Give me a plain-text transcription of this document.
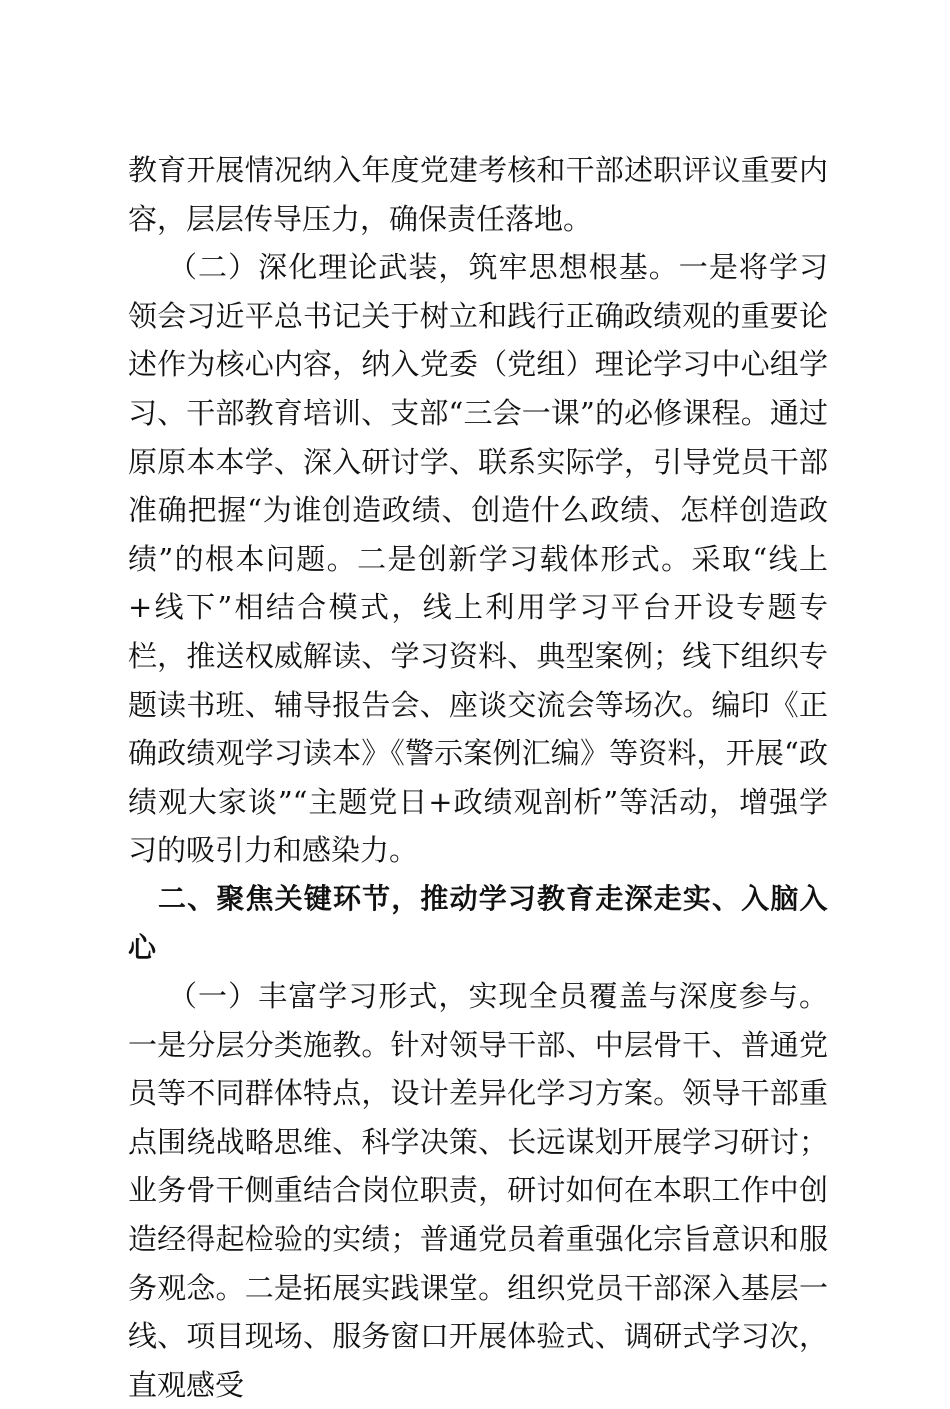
教育开展情况纳入年度党建考核和干部述职评议重要内容，层层传导压力，确保责任落地。

（二）深化理论武装，筑牢思想根基。一是将学习领会习近平总书记关于树立和践行正确政绩观的重要论述作为核心内容，纳入党委（党组）理论学习中心组学习、干部教育培训、支部“三会一课”的必修课程。通过原原本本学、深入研讨学、联系实际学，引导党员干部准确把握“为谁创造政绩、创造什么政绩、怎样创造政绩”的根本问题。二是创新学习载体形式。采取“线上+线下”相结合模式，线上利用学习平台开设专题专栏，推送权威解读、学习资料、典型案例；线下组织专题读书班、辅导报告会、座谈交流会等场次。编印《正确政绩观学习读本》《警示案例汇编》等资料，开展“政绩观大家谈”“主题党日+政绩观剖析”等活动，增强学习的吸引力和感染力。

二、聚焦关键环节，推动学习教育走深走实、入脑入心

（一）丰富学习形式，实现全员覆盖与深度参与。一是分层分类施教。针对领导干部、中层骨干、普通党员等不同群体特点，设计差异化学习方案。领导干部重点围绕战略思维、科学决策、长远谋划开展学习研讨；业务骨干侧重结合岗位职责，研讨如何在本职工作中创造经得起检验的实绩；普通党员着重强化宗旨意识和服务观念。二是拓展实践课堂。组织党员干部深入基层一线、项目现场、服务窗口开展体验式、调研式学习次，直观感受
